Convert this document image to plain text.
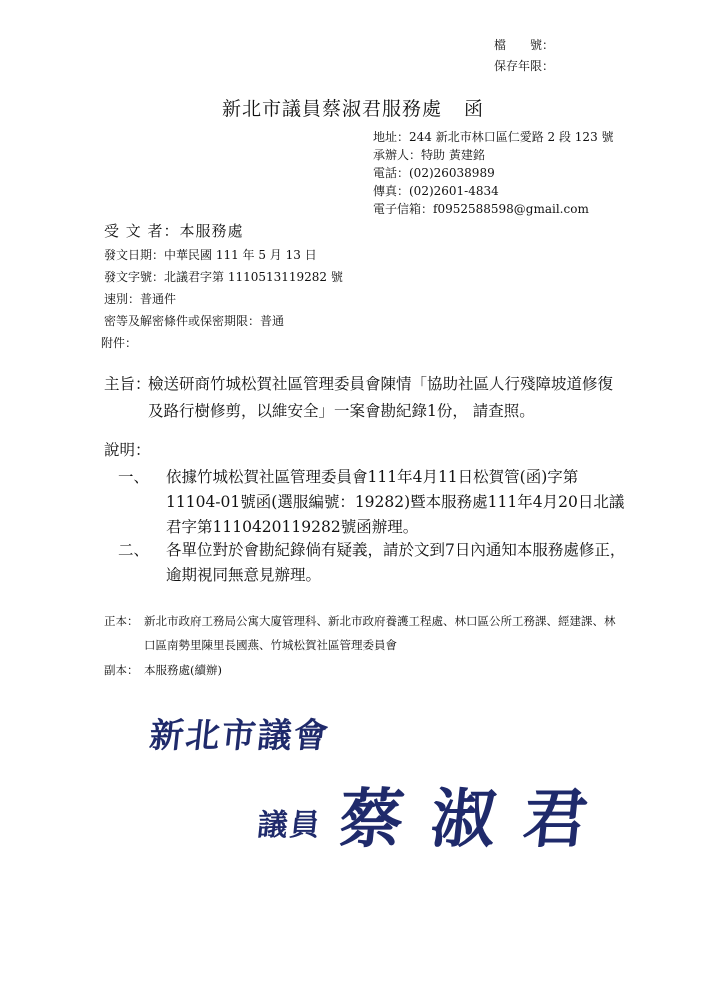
檔　　號：
保存年限：
新北市議員蔡淑君服務處 函
地址：244 新北市林口區仁愛路 2 段 123 號
承辦人：特助 黃建銘
電話：(02)26038989
傳真：(02)2601-4834
電子信箱：f0952588598@gmail.com
受 文 者：本服務處
發文日期：中華民國 111 年 5 月 13 日
發文字號：北議君字第 1110513119282 號
速別：普通件
密等及解密條件或保密期限：普通
附件：
主旨：
檢送研商竹城松賀社區管理委員會陳情「協助社區人行殘障坡道修復及路行樹修剪，以維安全」一案會勘紀錄1份， 請查照。
說明：
一、 依據竹城松賀社區管理委員會111年4月11日松賀管(函)字第11104-01號函(選服編號：19282)暨本服務處111年4月20日北議君字第1110420119282號函辦理。
二、 各單位對於會勘紀錄倘有疑義，請於文到7日內通知本服務處修正，逾期視同無意見辦理。
正本： 新北市政府工務局公寓大廈管理科、新北市政府養護工程處、林口區公所工務課、經建課、林口區南勢里陳里長國燕、竹城松賀社區管理委員會
副本： 本服務處(續辦)
新北市議會
議員 蔡淑君
